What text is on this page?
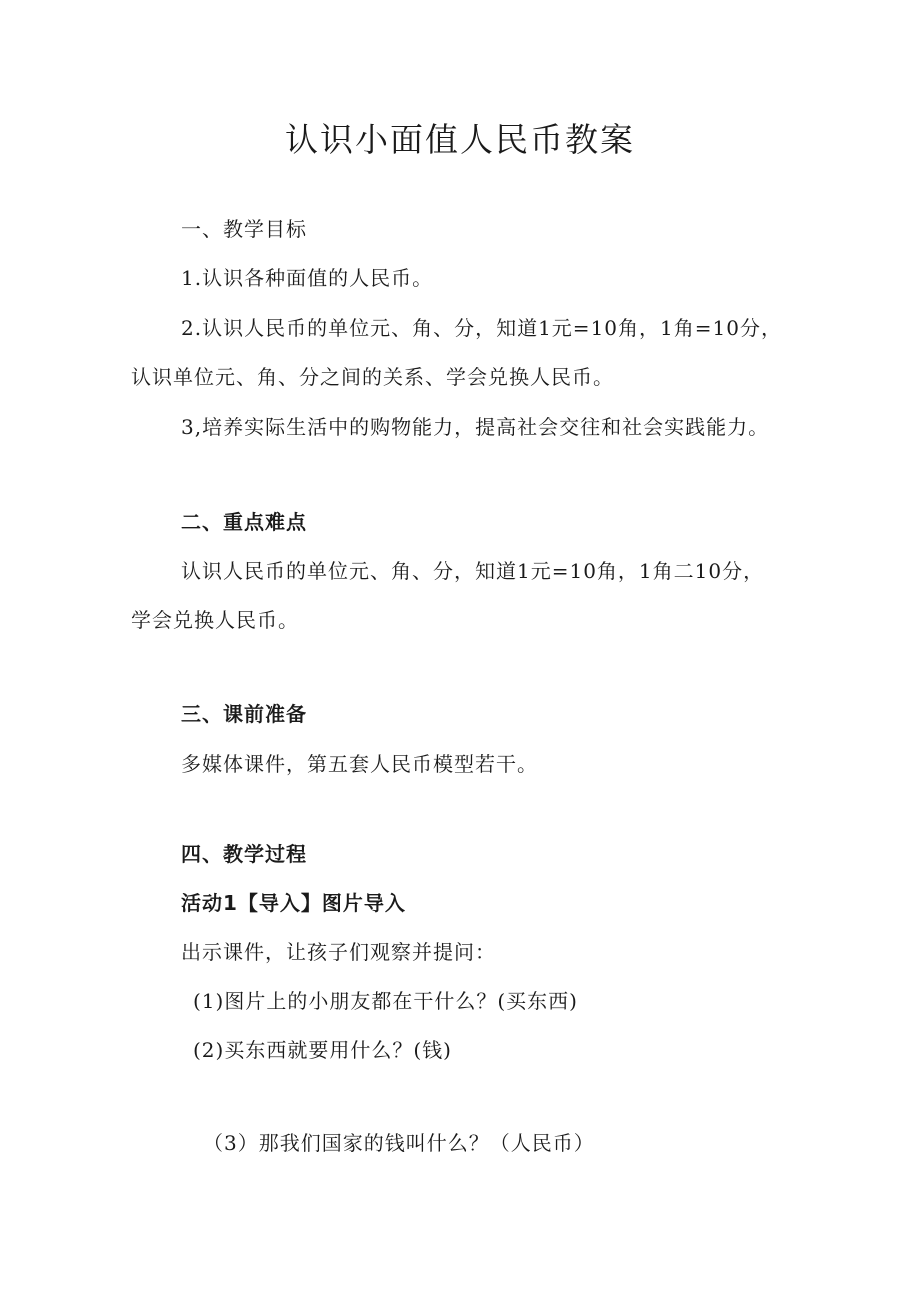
认识小面值人民币教案
一、教学目标
1.认识各种面值的人民币。
2.认识人民币的单位元、角、分，知道1元=10角，1角=10分，
认识单位元、角、分之间的关系、学会兑换人民币。
3,培养实际生活中的购物能力，提高社会交往和社会实践能力。
二、重点难点
认识人民币的单位元、角、分，知道1元=10角，1角二10分，
学会兑换人民币。
三、课前准备
多媒体课件，第五套人民币模型若干。
四、教学过程
活动1【导入】图片导入
出示课件，让孩子们观察并提问：
(1)图片上的小朋友都在干什么？(买东西)
(2)买东西就要用什么？(钱)
（3）那我们国家的钱叫什么？（人民币）
